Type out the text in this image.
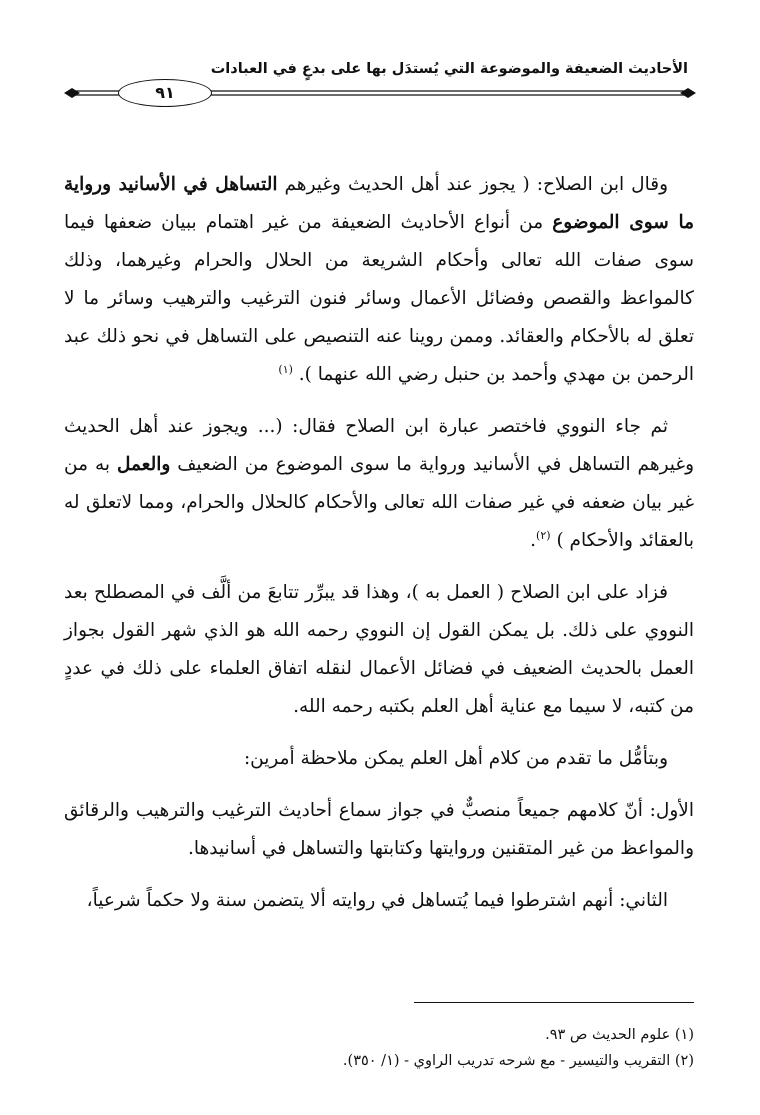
الأحاديث الضعيفة والموضوعة التي يُستدَل بها على بدعٍ في العبادات
٩١

وقال ابن الصلاح: ( يجوز عند أهل الحديث وغيرهم التساهل في الأسانيد ورواية ما سوى الموضوع من أنواع الأحاديث الضعيفة من غير اهتمام ببيان ضعفها فيما سوى صفات الله تعالى وأحكام الشريعة من الحلال والحرام وغيرهما، وذلك كالمواعظ والقصص وفضائل الأعمال وسائر فنون الترغيب والترهيب وسائر ما لا تعلق له بالأحكام والعقائد. وممن روينا عنه التنصيص على التساهل في نحو ذلك عبد الرحمن بن مهدي وأحمد بن حنبل رضي الله عنهما ). $^{(١)}$

ثم جاء النووي فاختصر عبارة ابن الصلاح فقال: (... ويجوز عند أهل الحديث وغيرهم التساهل في الأسانيد ورواية ما سوى الموضوع من الضعيف والعمل به من غير بيان ضعفه في غير صفات الله تعالى والأحكام كالحلال والحرام، ومما لاتعلق له بالعقائد والأحكام ) $^{(٢)}$.

فزاد على ابن الصلاح ( العمل به )، وهذا قد يبرِّر تتابعَ من ألَّف في المصطلح بعد النووي على ذلك. بل يمكن القول إن النووي رحمه الله هو الذي شهر القول بجواز العمل بالحديث الضعيف في فضائل الأعمال لنقله اتفاق العلماء على ذلك في عددٍ من كتبه، لا سيما مع عناية أهل العلم بكتبه رحمه الله.

وبتأمُّل ما تقدم من كلام أهل العلم يمكن ملاحظة أمرين:

الأول: أنّ كلامهم جميعاً منصبٌّ في جواز سماع أحاديث الترغيب والترهيب والرقائق والمواعظ من غير المتقنين وروايتها وكتابتها والتساهل في أسانيدها.

الثاني: أنهم اشترطوا فيما يُتساهل في روايته ألا يتضمن سنة ولا حكماً شرعياً،

(١) علوم الحديث ص ٩٣.
(٢) التقريب والتيسير - مع شرحه تدريب الراوي - (١/ ٣٥٠).
